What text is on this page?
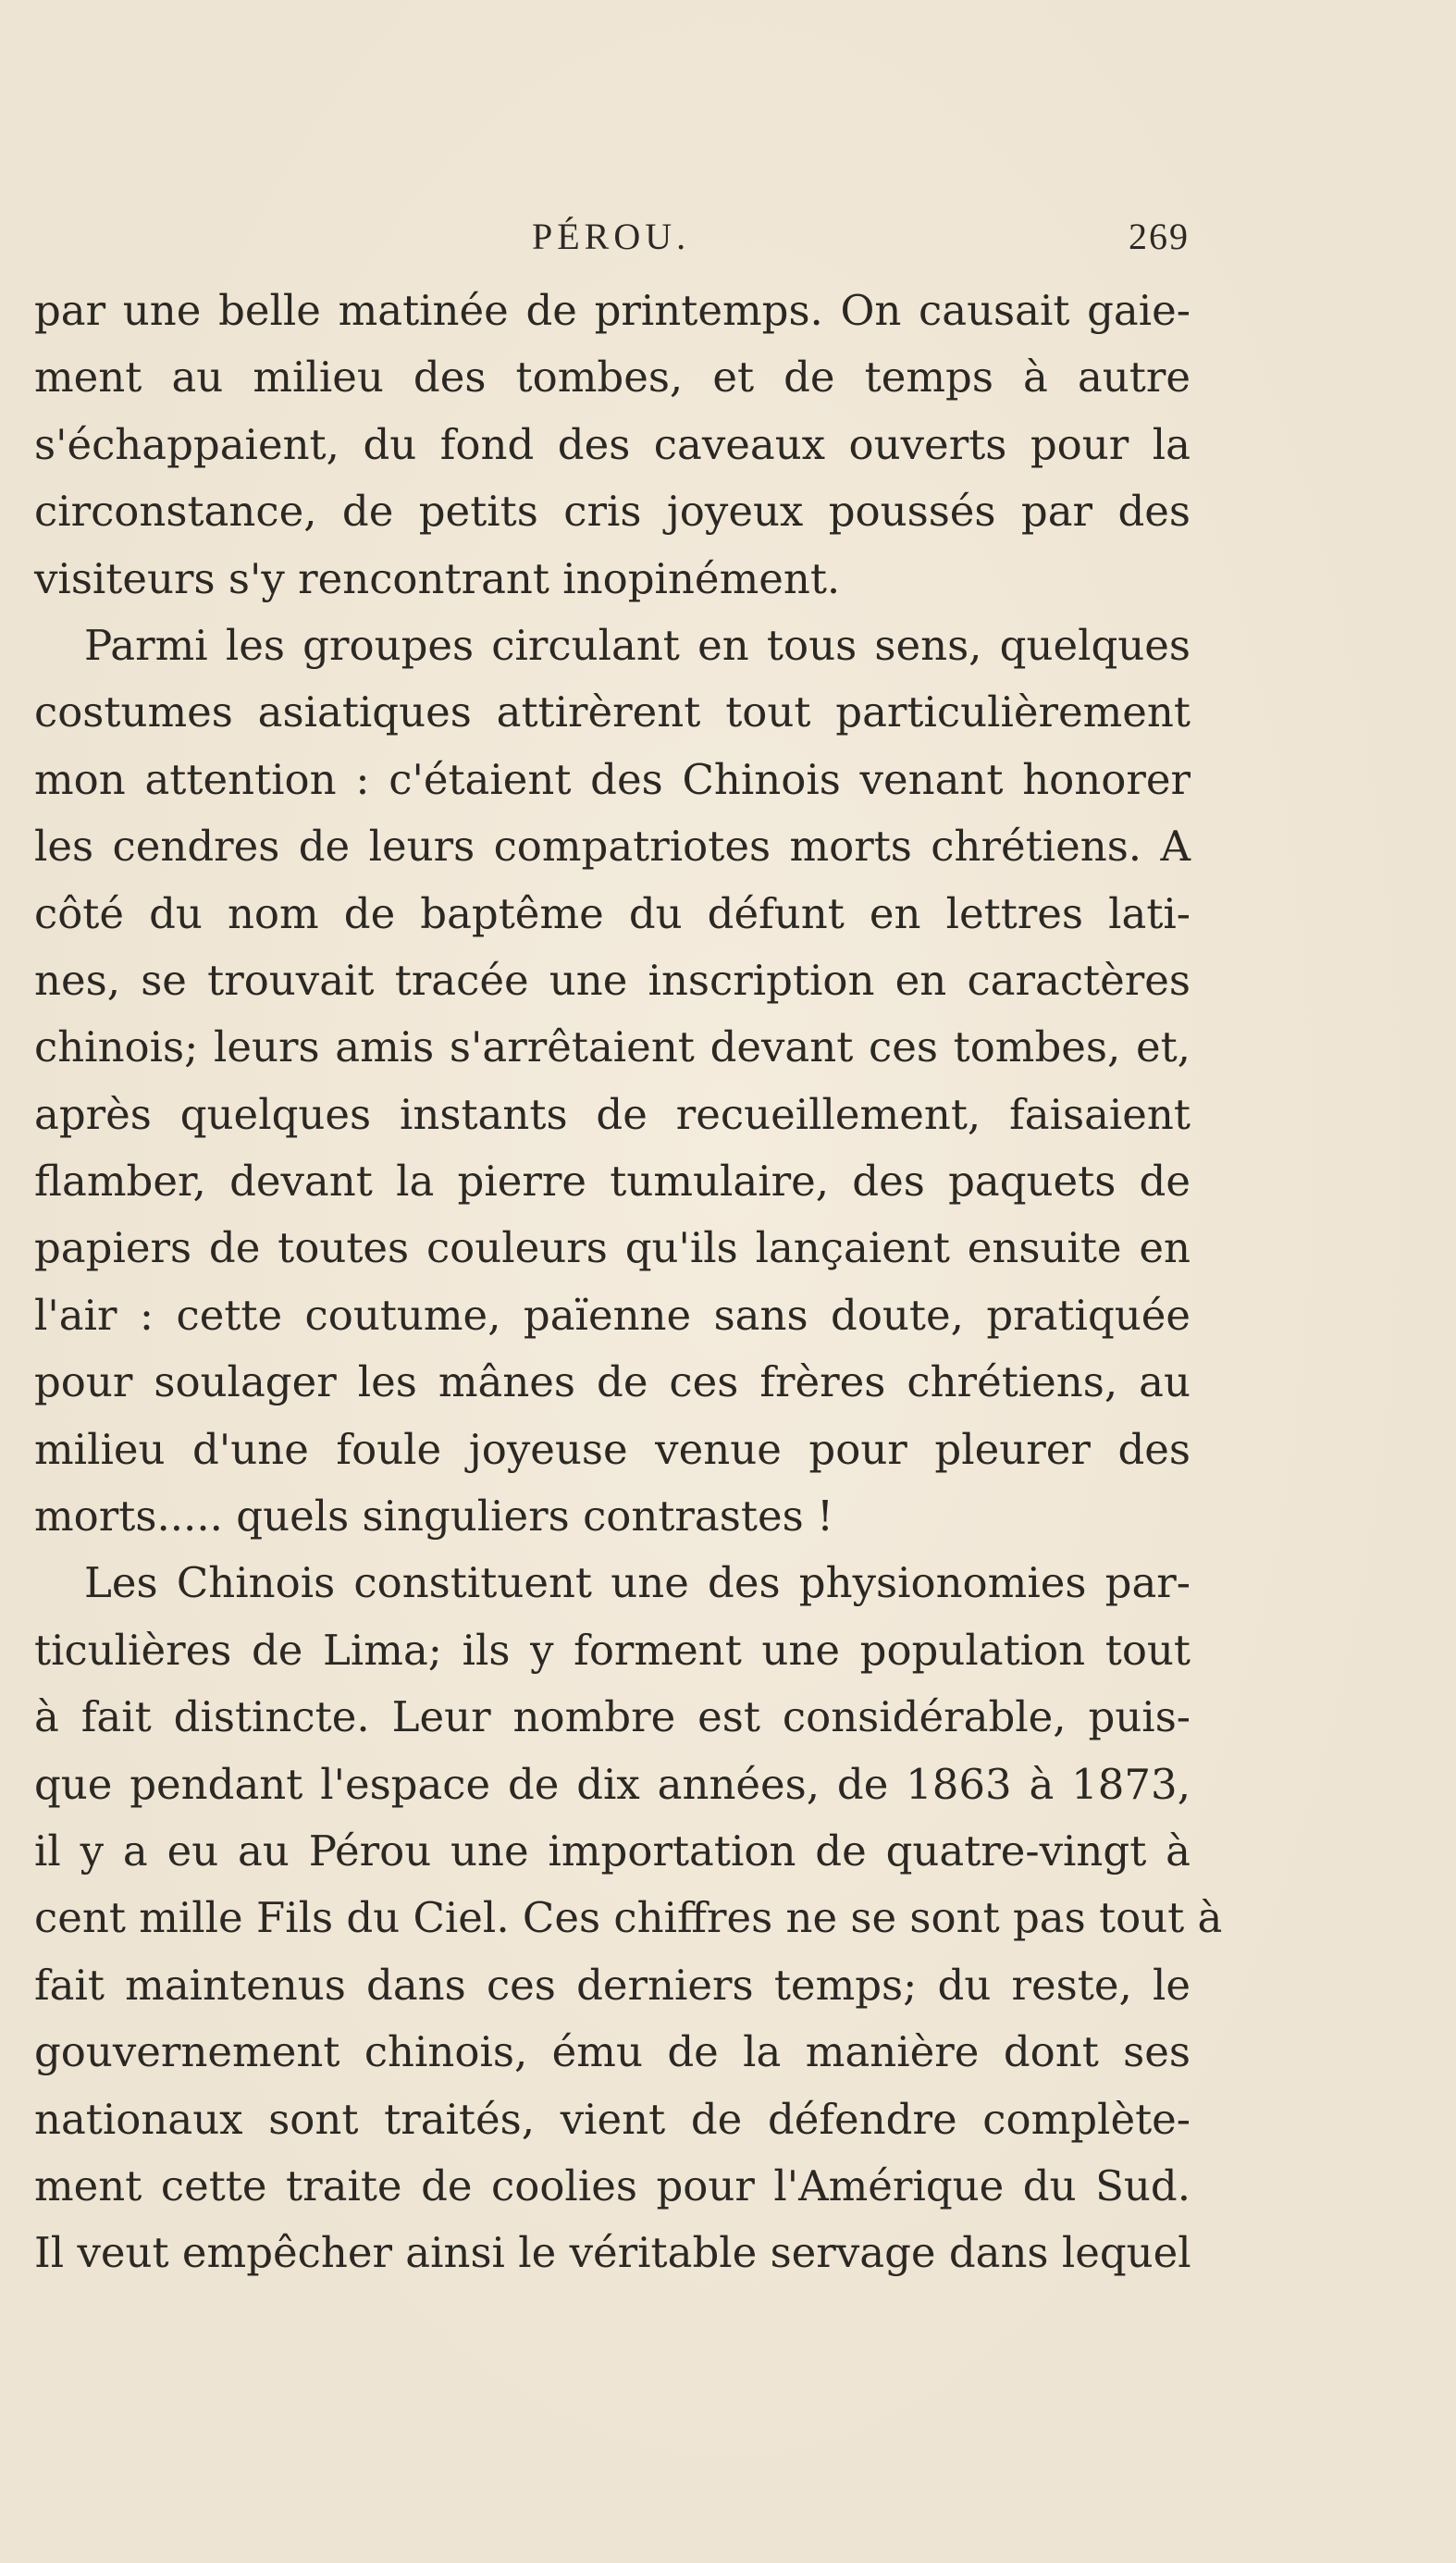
PÉROU.	269
par une belle matinée de printemps. On causait gaie-
ment au milieu des tombes, et de temps à autre
s'échappaient, du fond des caveaux ouverts pour la
circonstance, de petits cris joyeux poussés par des
visiteurs s'y rencontrant inopinément.
Parmi les groupes circulant en tous sens, quelques
costumes asiatiques attirèrent tout particulièrement
mon attention : c'étaient des Chinois venant honorer
les cendres de leurs compatriotes morts chrétiens. A
côté du nom de baptême du défunt en lettres lati-
nes, se trouvait tracée une inscription en caractères
chinois; leurs amis s'arrêtaient devant ces tombes, et,
après quelques instants de recueillement, faisaient
flamber, devant la pierre tumulaire, des paquets de
papiers de toutes couleurs qu'ils lançaient ensuite en
l'air : cette coutume, païenne sans doute, pratiquée
pour soulager les mânes de ces frères chrétiens, au
milieu d'une foule joyeuse venue pour pleurer des
morts..... quels singuliers contrastes !
Les Chinois constituent une des physionomies par-
ticulières de Lima; ils y forment une population tout
à fait distincte. Leur nombre est considérable, puis-
que pendant l'espace de dix années, de 1863 à 1873,
il y a eu au Pérou une importation de quatre-vingt à
cent mille Fils du Ciel. Ces chiffres ne se sont pas tout à
fait maintenus dans ces derniers temps; du reste, le
gouvernement chinois, ému de la manière dont ses
nationaux sont traités, vient de défendre complète-
ment cette traite de coolies pour l'Amérique du Sud.
Il veut empêcher ainsi le véritable servage dans lequel
